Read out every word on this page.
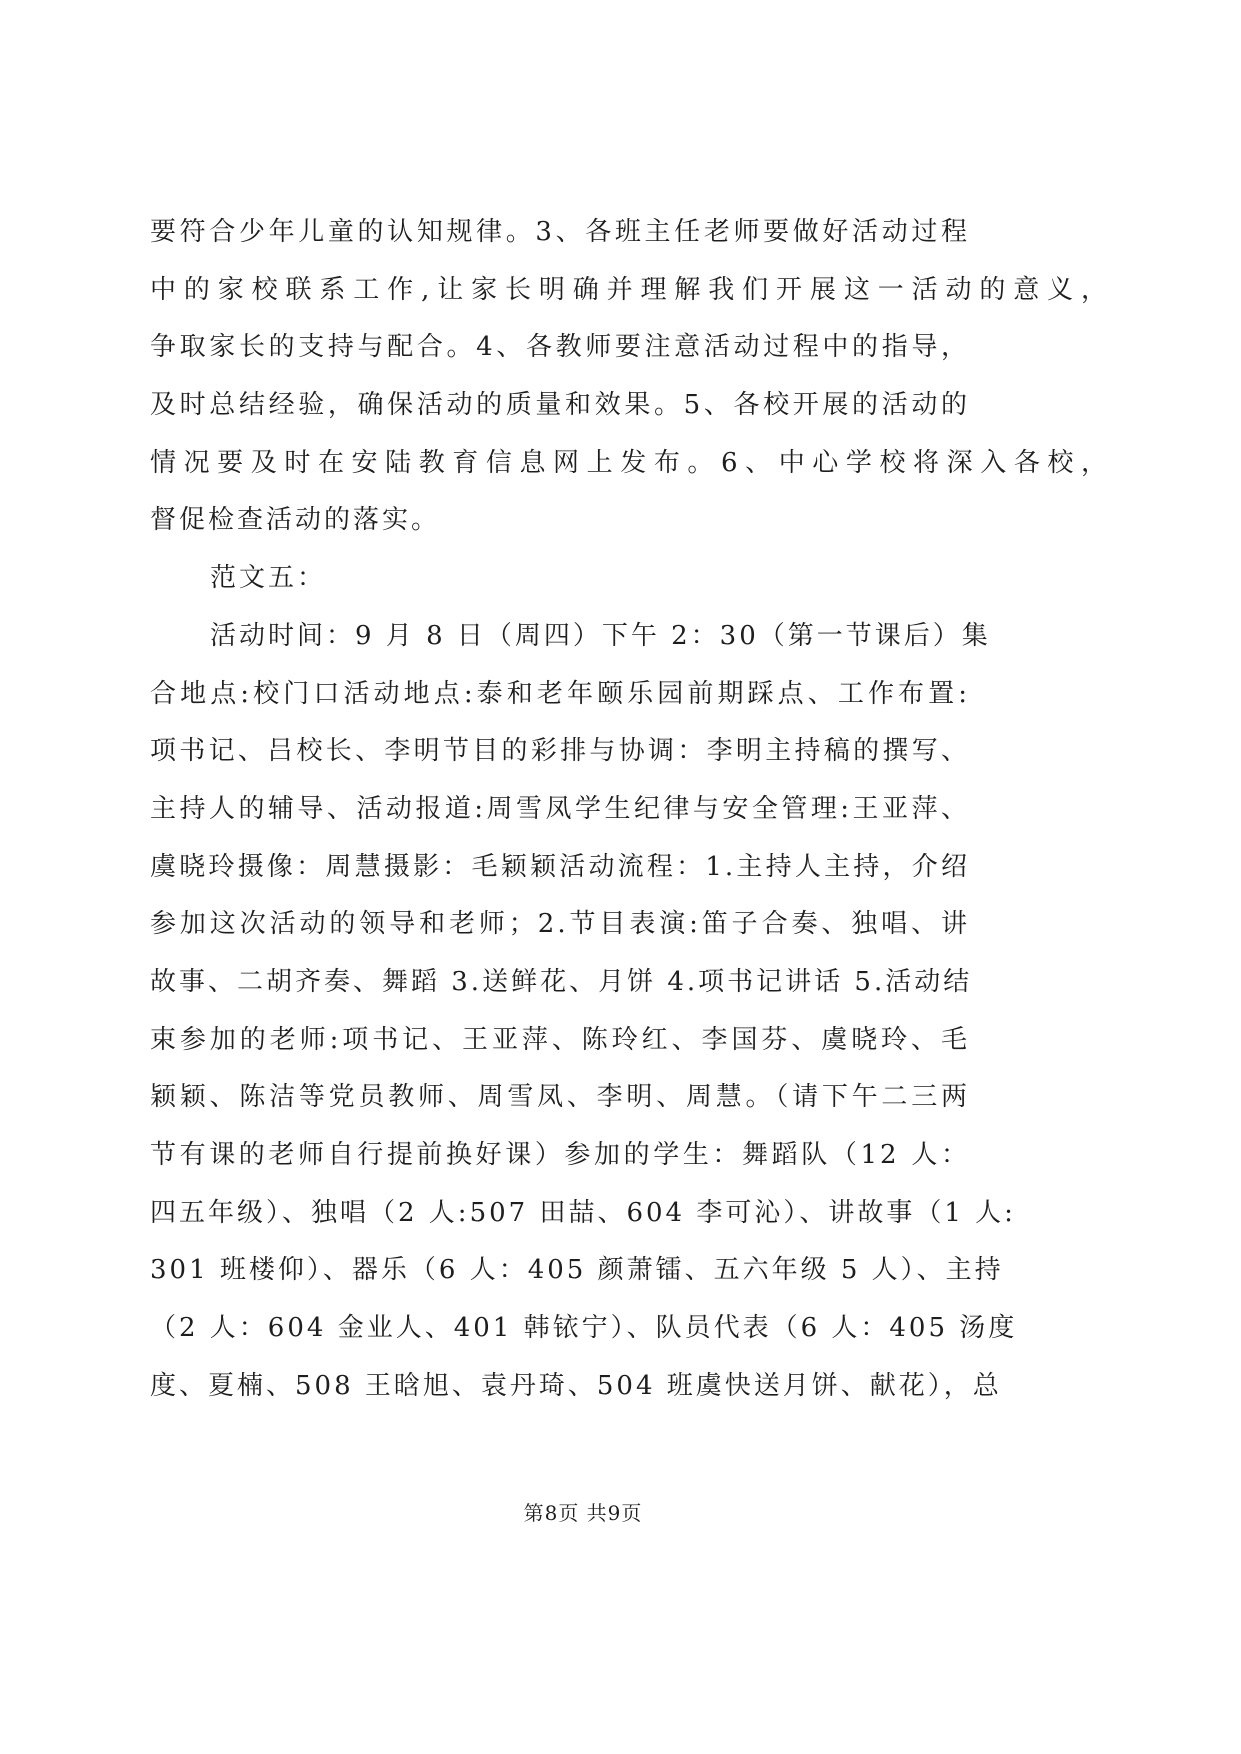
要符合少年儿童的认知规律。3、各班主任老师要做好活动过程
中的家校联系工作,让家长明确并理解我们开展这一活动的意义，
争取家长的支持与配合。4、各教师要注意活动过程中的指导，
及时总结经验，确保活动的质量和效果。5、各校开展的活动的
情况要及时在安陆教育信息网上发布。6、中心学校将深入各校，
督促检查活动的落实。
范文五：
活动时间：9 月 8 日（周四）下午 2：30（第一节课后）集
合地点:校门口活动地点:泰和老年颐乐园前期踩点、工作布置:
项书记、吕校长、李明节目的彩排与协调：李明主持稿的撰写、
主持人的辅导、活动报道:周雪凤学生纪律与安全管理:王亚萍、
虞晓玲摄像：周慧摄影：毛颖颖活动流程：1.主持人主持，介绍
参加这次活动的领导和老师；2.节目表演:笛子合奏、独唱、讲
故事、二胡齐奏、舞蹈 3.送鲜花、月饼 4.项书记讲话 5.活动结
束参加的老师:项书记、王亚萍、陈玲红、李国芬、虞晓玲、毛
颖颖、陈洁等党员教师、周雪凤、李明、周慧。（请下午二三两
节有课的老师自行提前换好课）参加的学生：舞蹈队（12 人：
四五年级）、独唱（2 人:507 田喆、604 李可沁）、讲故事（1 人:
301 班楼仰）、器乐（6 人：405 颜萧镭、五六年级 5 人）、主持
（2 人：604 金业人、401 韩铱宁）、队员代表（6 人：405 汤度
度、夏楠、508 王晗旭、袁丹琦、504 班虞快送月饼、献花），总
第8页 共9页
